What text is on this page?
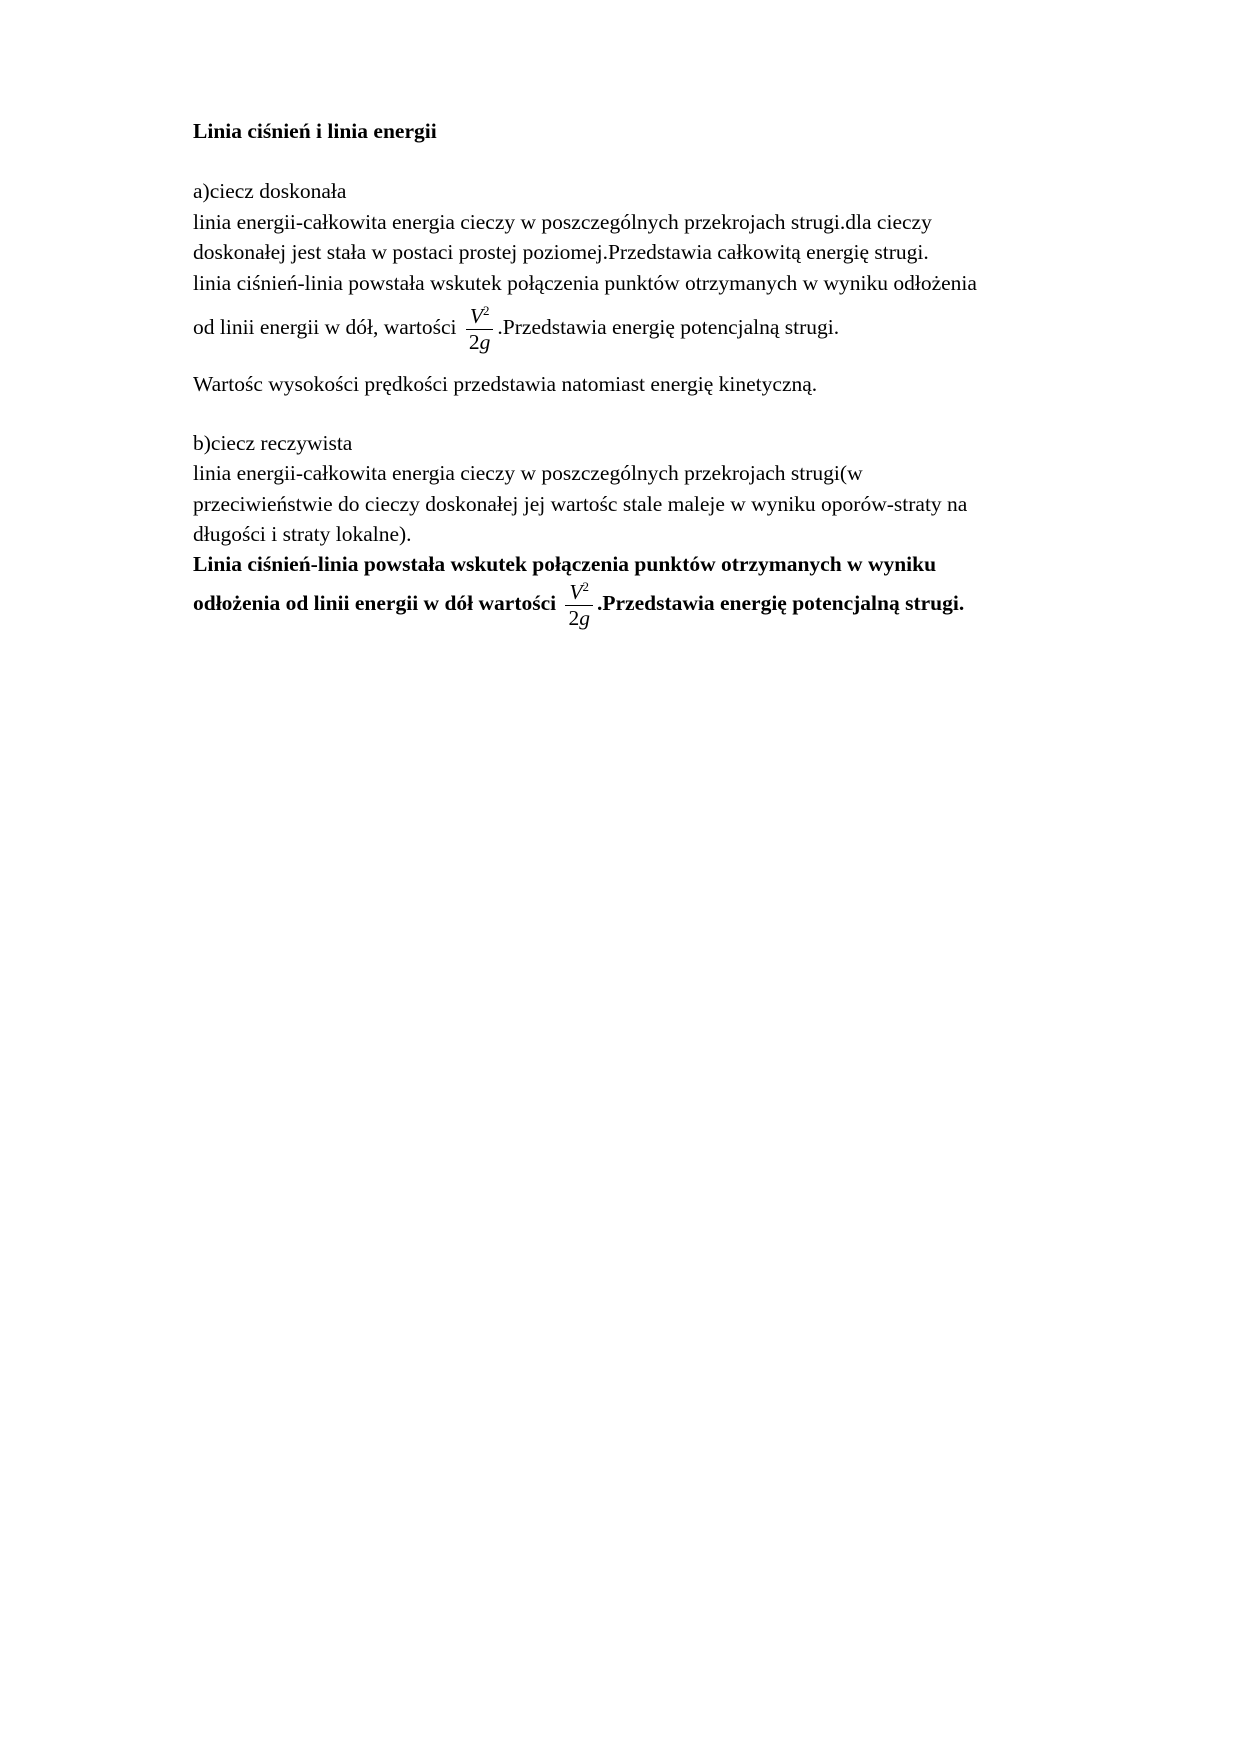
Linia ciśnień i linia energii
a)ciecz doskonała
linia energii-całkowita energia cieczy w poszczególnych przekrojach strugi.dla cieczy
doskonałej jest stała w postaci prostej poziomej.Przedstawia całkowitą energię strugi.
linia ciśnień-linia powstała wskutek połączenia punktów otrzymanych w wyniku odłożenia
od linii energii w dół, wartości $\frac{V^2}{2g}$ .Przedstawia energię potencjalną strugi.
Wartośc wysokości prędkości przedstawia natomiast energię kinetyczną.
b)ciecz reczywista
linia energii-całkowita energia cieczy w poszczególnych przekrojach strugi(w
przeciwieństwie do cieczy doskonałej jej wartośc stale maleje w wyniku oporów-straty na
długości i straty lokalne).
Linia ciśnień-linia powstała wskutek połączenia punktów otrzymanych w wyniku
odłożenia od linii energii w dół wartości $\frac{V^2}{2g}$ .Przedstawia energię potencjalną strugi.
